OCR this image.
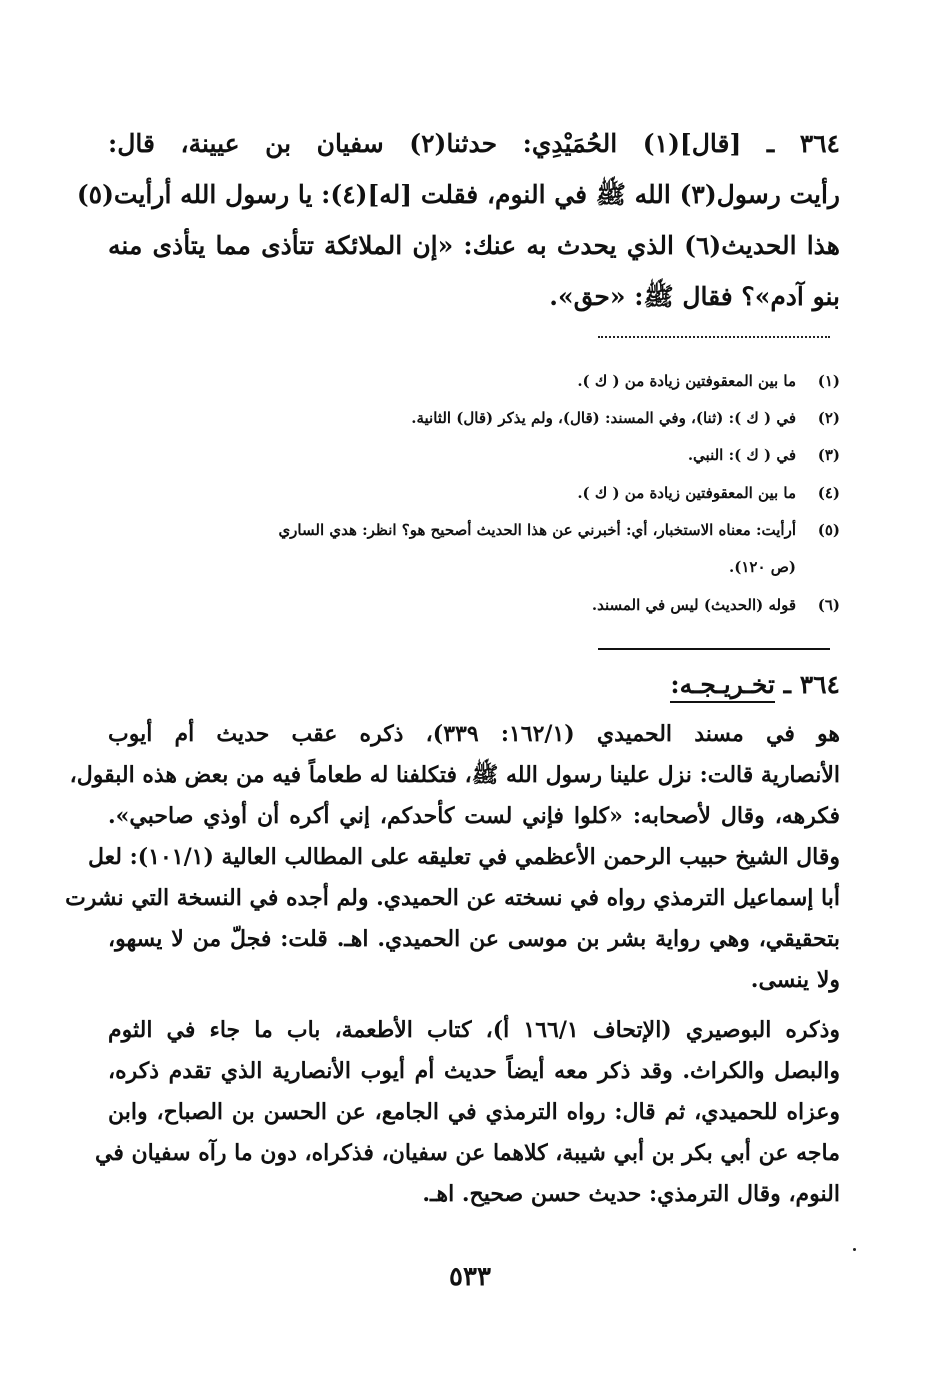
٣٦٤ ـ [قال](١) الحُمَيْدِي: حدثنا(٢) سفيان بن عيينة، قال:
رأيت رسول(٣) الله ﷺ في النوم، فقلت [له](٤): يا رسول الله أرأيت(٥)
هذا الحديث(٦) الذي يحدث به عنك: «إن الملائكة تتأذى مما يتأذى منه
بنو آدم»؟ فقال ﷺ: «حق».
(١)ما بين المعقوفتين زيادة من ( ك ).
(٢)في ( ك ): (ثنا)، وفي المسند: (قال)، ولم يذكر (قال) الثانية.
(٣)في ( ك ): النبي.
(٤)ما بين المعقوفتين زيادة من ( ك ).
(٥)أرأيت: معناه الاستخبار، أي: أخبرني عن هذا الحديث أصحيح هو؟ انظر: هدي الساري
(ص ١٢٠).
(٦)قوله (الحديث) ليس في المسند.
٣٦٤ ـ تخـريـجـه:
هو في مسند الحميدي (١٦٢/١: ٣٣٩)، ذكره عقب حديث أم أيوب
الأنصارية قالت: نزل علينا رسول الله ﷺ، فتكلفنا له طعاماً فيه من بعض هذه البقول،
فكرهه، وقال لأصحابه: «كلوا فإني لست كأحدكم، إني أكره أن أوذي صاحبي».
وقال الشيخ حبيب الرحمن الأعظمي في تعليقه على المطالب العالية (١٠١/١): لعل
أبا إسماعيل الترمذي رواه في نسخته عن الحميدي. ولم أجده في النسخة التي نشرت
بتحقيقي، وهي رواية بشر بن موسى عن الحميدي. اهـ. قلت: فجلّ من لا يسهو،
ولا ينسى.
وذكره البوصيري (الإتحاف ١٦٦/١ أ)، كتاب الأطعمة، باب ما جاء في الثوم
والبصل والكراث. وقد ذكر معه أيضاً حديث أم أيوب الأنصارية الذي تقدم ذكره،
وعزاه للحميدي، ثم قال: رواه الترمذي في الجامع، عن الحسن بن الصباح، وابن
ماجه عن أبي بكر بن أبي شيبة، كلاهما عن سفيان، فذكراه، دون ما رآه سفيان في
النوم، وقال الترمذي: حديث حسن صحيح. اهـ.
٥٣٣
